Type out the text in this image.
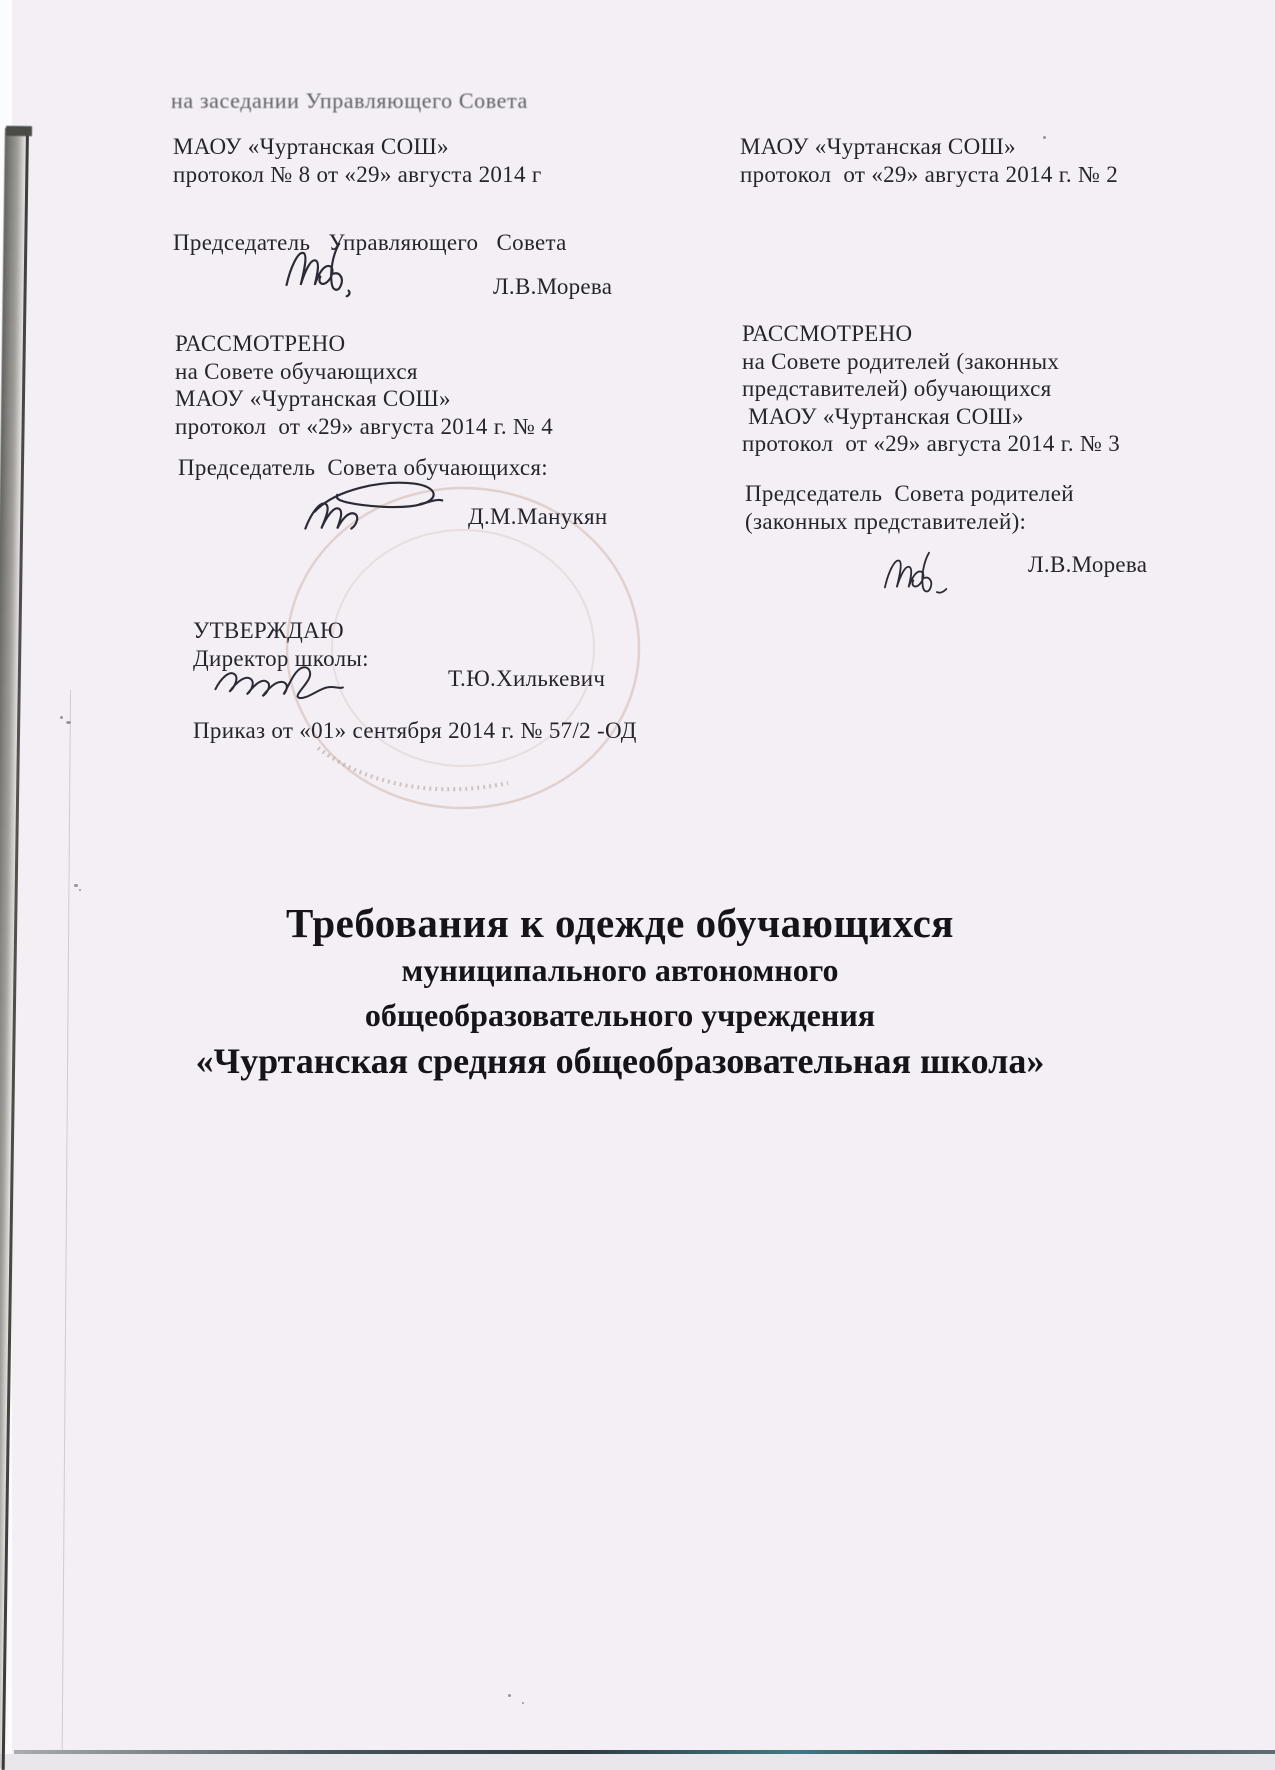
на заседании Управляющего Совета
МАОУ «Чуртанская СОШ»
протокол № 8 от «29» августа 2014 г
Председатель   Управляющего   Совета
Л.В.Морева
МАОУ «Чуртанская СОШ»
протокол  от «29» августа 2014 г. № 2
РАССМОТРЕНО
на Совете обучающихся
МАОУ «Чуртанская СОШ»
протокол  от «29» августа 2014 г. № 4
Председатель  Совета обучающихся:
Д.М.Манукян
РАССМОТРЕНО
на Совете родителей (законных
представителей) обучающихся
МАОУ «Чуртанская СОШ»
протокол  от «29» августа 2014 г. № 3
Председатель  Совета родителей
(законных представителей):
Л.В.Морева
УТВЕРЖДАЮ
Директор школы:
Т.Ю.Хилькевич
Приказ от «01» сентября 2014 г. № 57/2 -ОД
Требования к одежде обучающихся
муниципального автономного
общеобразовательного учреждения
«Чуртанская средняя общеобразовательная школа»
